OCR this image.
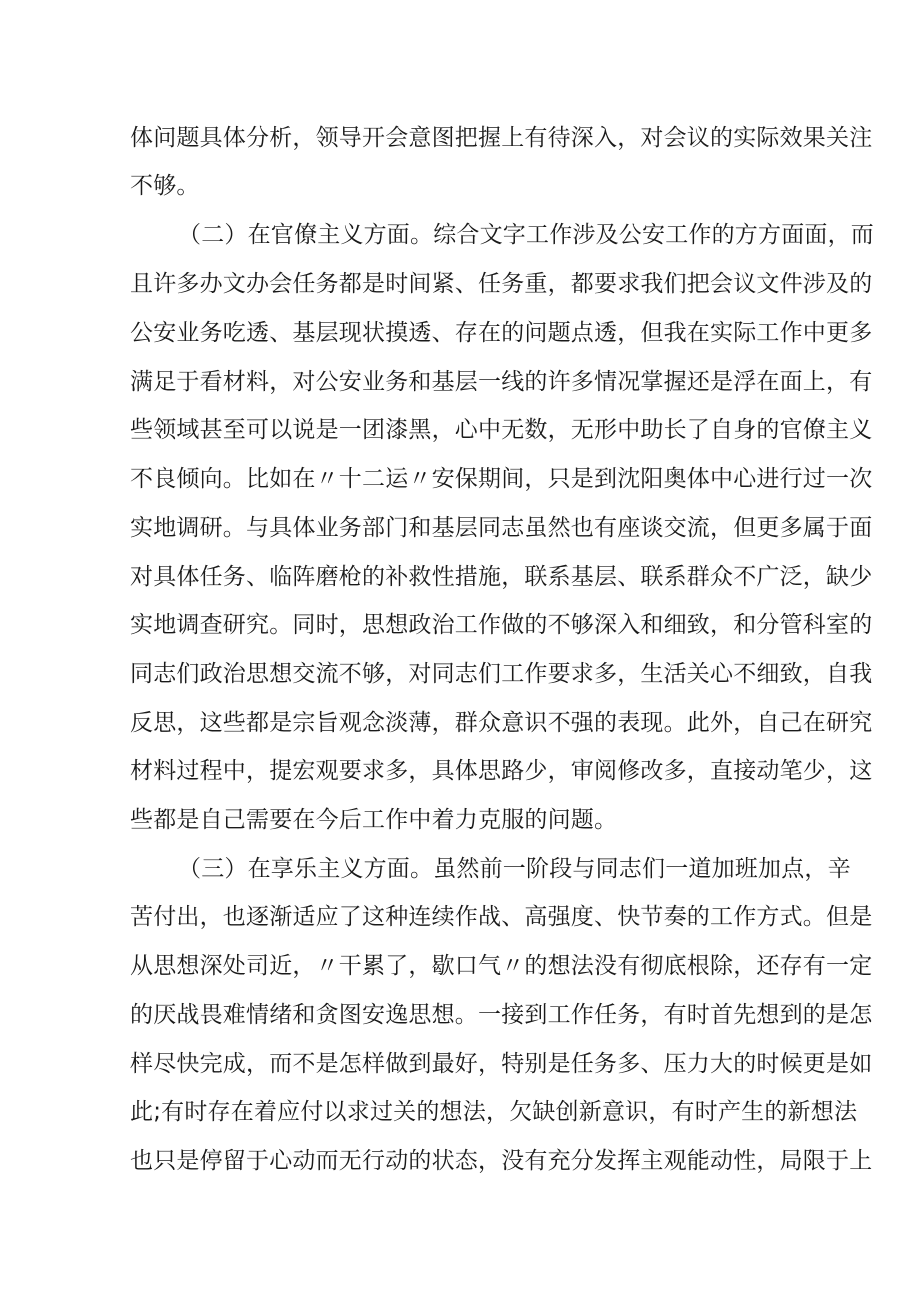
体问题具体分析，领导开会意图把握上有待深入，对会议的实际效果关注
不够。
（二）在官僚主义方面。综合文字工作涉及公安工作的方方面面，而
且许多办文办会任务都是时间紧、任务重，都要求我们把会议文件涉及的
公安业务吃透、基层现状摸透、存在的问题点透，但我在实际工作中更多
满足于看材料，对公安业务和基层一线的许多情况掌握还是浮在面上，有
些领域甚至可以说是一团漆黑，心中无数，无形中助长了自身的官僚主义
不良倾向。比如在〃十二运〃安保期间，只是到沈阳奥体中心进行过一次
实地调研。与具体业务部门和基层同志虽然也有座谈交流，但更多属于面
对具体任务、临阵磨枪的补救性措施，联系基层、联系群众不广泛，缺少
实地调查研究。同时，思想政治工作做的不够深入和细致，和分管科室的
同志们政治思想交流不够，对同志们工作要求多，生活关心不细致，自我
反思，这些都是宗旨观念淡薄，群众意识不强的表现。此外，自己在研究
材料过程中，提宏观要求多，具体思路少，审阅修改多，直接动笔少，这
些都是自己需要在今后工作中着力克服的问题。
（三）在享乐主义方面。虽然前一阶段与同志们一道加班加点，辛
苦付出，也逐渐适应了这种连续作战、高强度、快节奏的工作方式。但是
从思想深处司近，〃干累了，歇口气〃的想法没有彻底根除，还存有一定
的厌战畏难情绪和贪图安逸思想。一接到工作任务，有时首先想到的是怎
样尽快完成，而不是怎样做到最好，特别是任务多、压力大的时候更是如
此;有时存在着应付以求过关的想法，欠缺创新意识，有时产生的新想法
也只是停留于心动而无行动的状态，没有充分发挥主观能动性，局限于上
